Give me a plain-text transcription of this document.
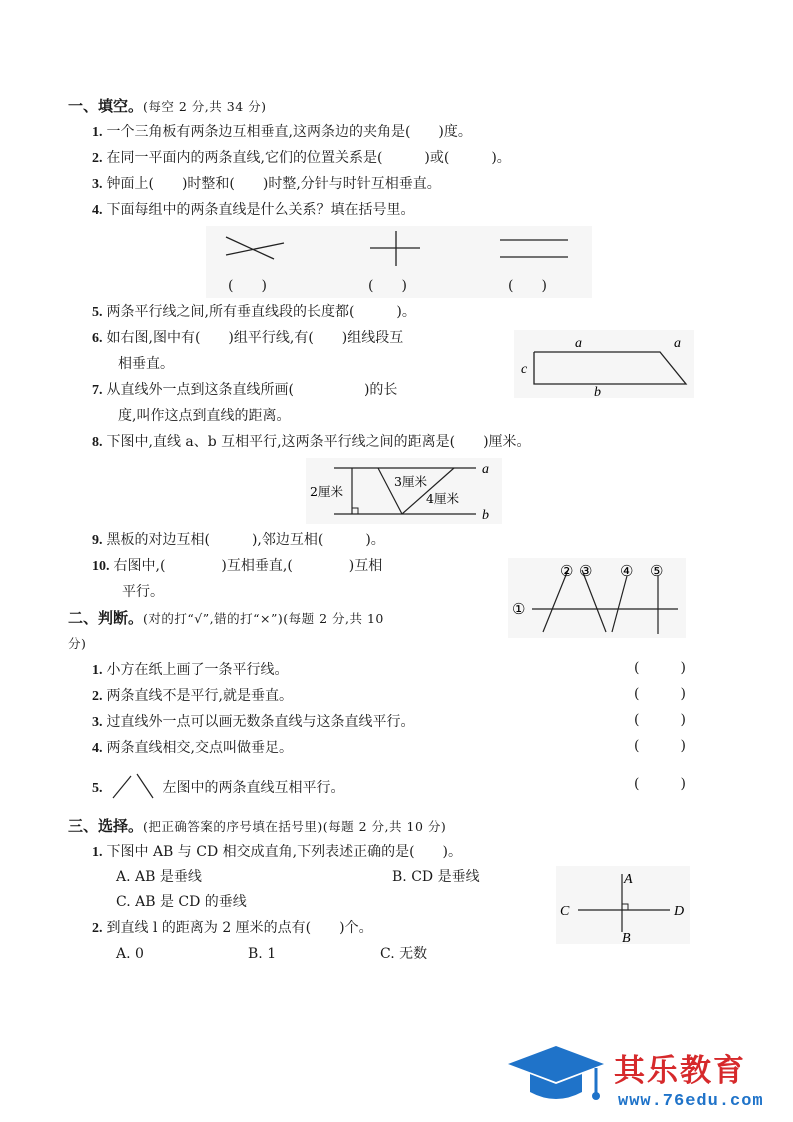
一、填空。(每空 2 分,共 34 分)
1. 一个三角板有两条边互相垂直,这两条边的夹角是(　　)度。
2. 在同一平面内的两条直线,它们的位置关系是(　　　)或(　　　)。
3. 钟面上(　　)时整和(　　)时整,分针与时针互相垂直。
4. 下面每组中的两条直线是什么关系？填在括号里。
(　　)	(　　)	(　　)
5. 两条平行线之间,所有垂直线段的长度都(　　　)。
6. 如右图,图中有(　　)组平行线,有(　　)组线段互
相垂直。
a	a
c
b
7. 从直线外一点到这条直线所画(　　　　　)的长
度,叫作这点到直线的距离。
8. 下图中,直线 a、b 互相平行,这两条平行线之间的距离是(　　)厘米。
a
b
2厘米
3厘米
4厘米
9. 黑板的对边互相(　　　),邻边互相(　　　)。
10. 右图中,(　　　　)互相垂直,(　　　　)互相
平行。
①
② ③ ④ ⑤
二、判断。(对的打“√”,错的打“×”)(每题 2 分,共 10
分)
1. 小方在纸上画了一条平行线。	(	)
2. 两条直线不是平行,就是垂直。	(	)
3. 过直线外一点可以画无数条直线与这条直线平行。	(	)
4. 两条直线相交,交点叫做垂足。	(	)
5.	左图中的两条直线互相平行。	(	)
三、选择。(把正确答案的序号填在括号里)(每题 2 分,共 10 分)
1. 下图中 AB 与 CD 相交成直角,下列表述正确的是(　　)。
A. AB 是垂线	B. CD 是垂线
C. AB 是 CD 的垂线
A
B
C	D
2. 到直线 l 的距离为 2 厘米的点有(　　)个。
A. 0	B. 1	C. 无数
其乐教育
www.76edu.com
